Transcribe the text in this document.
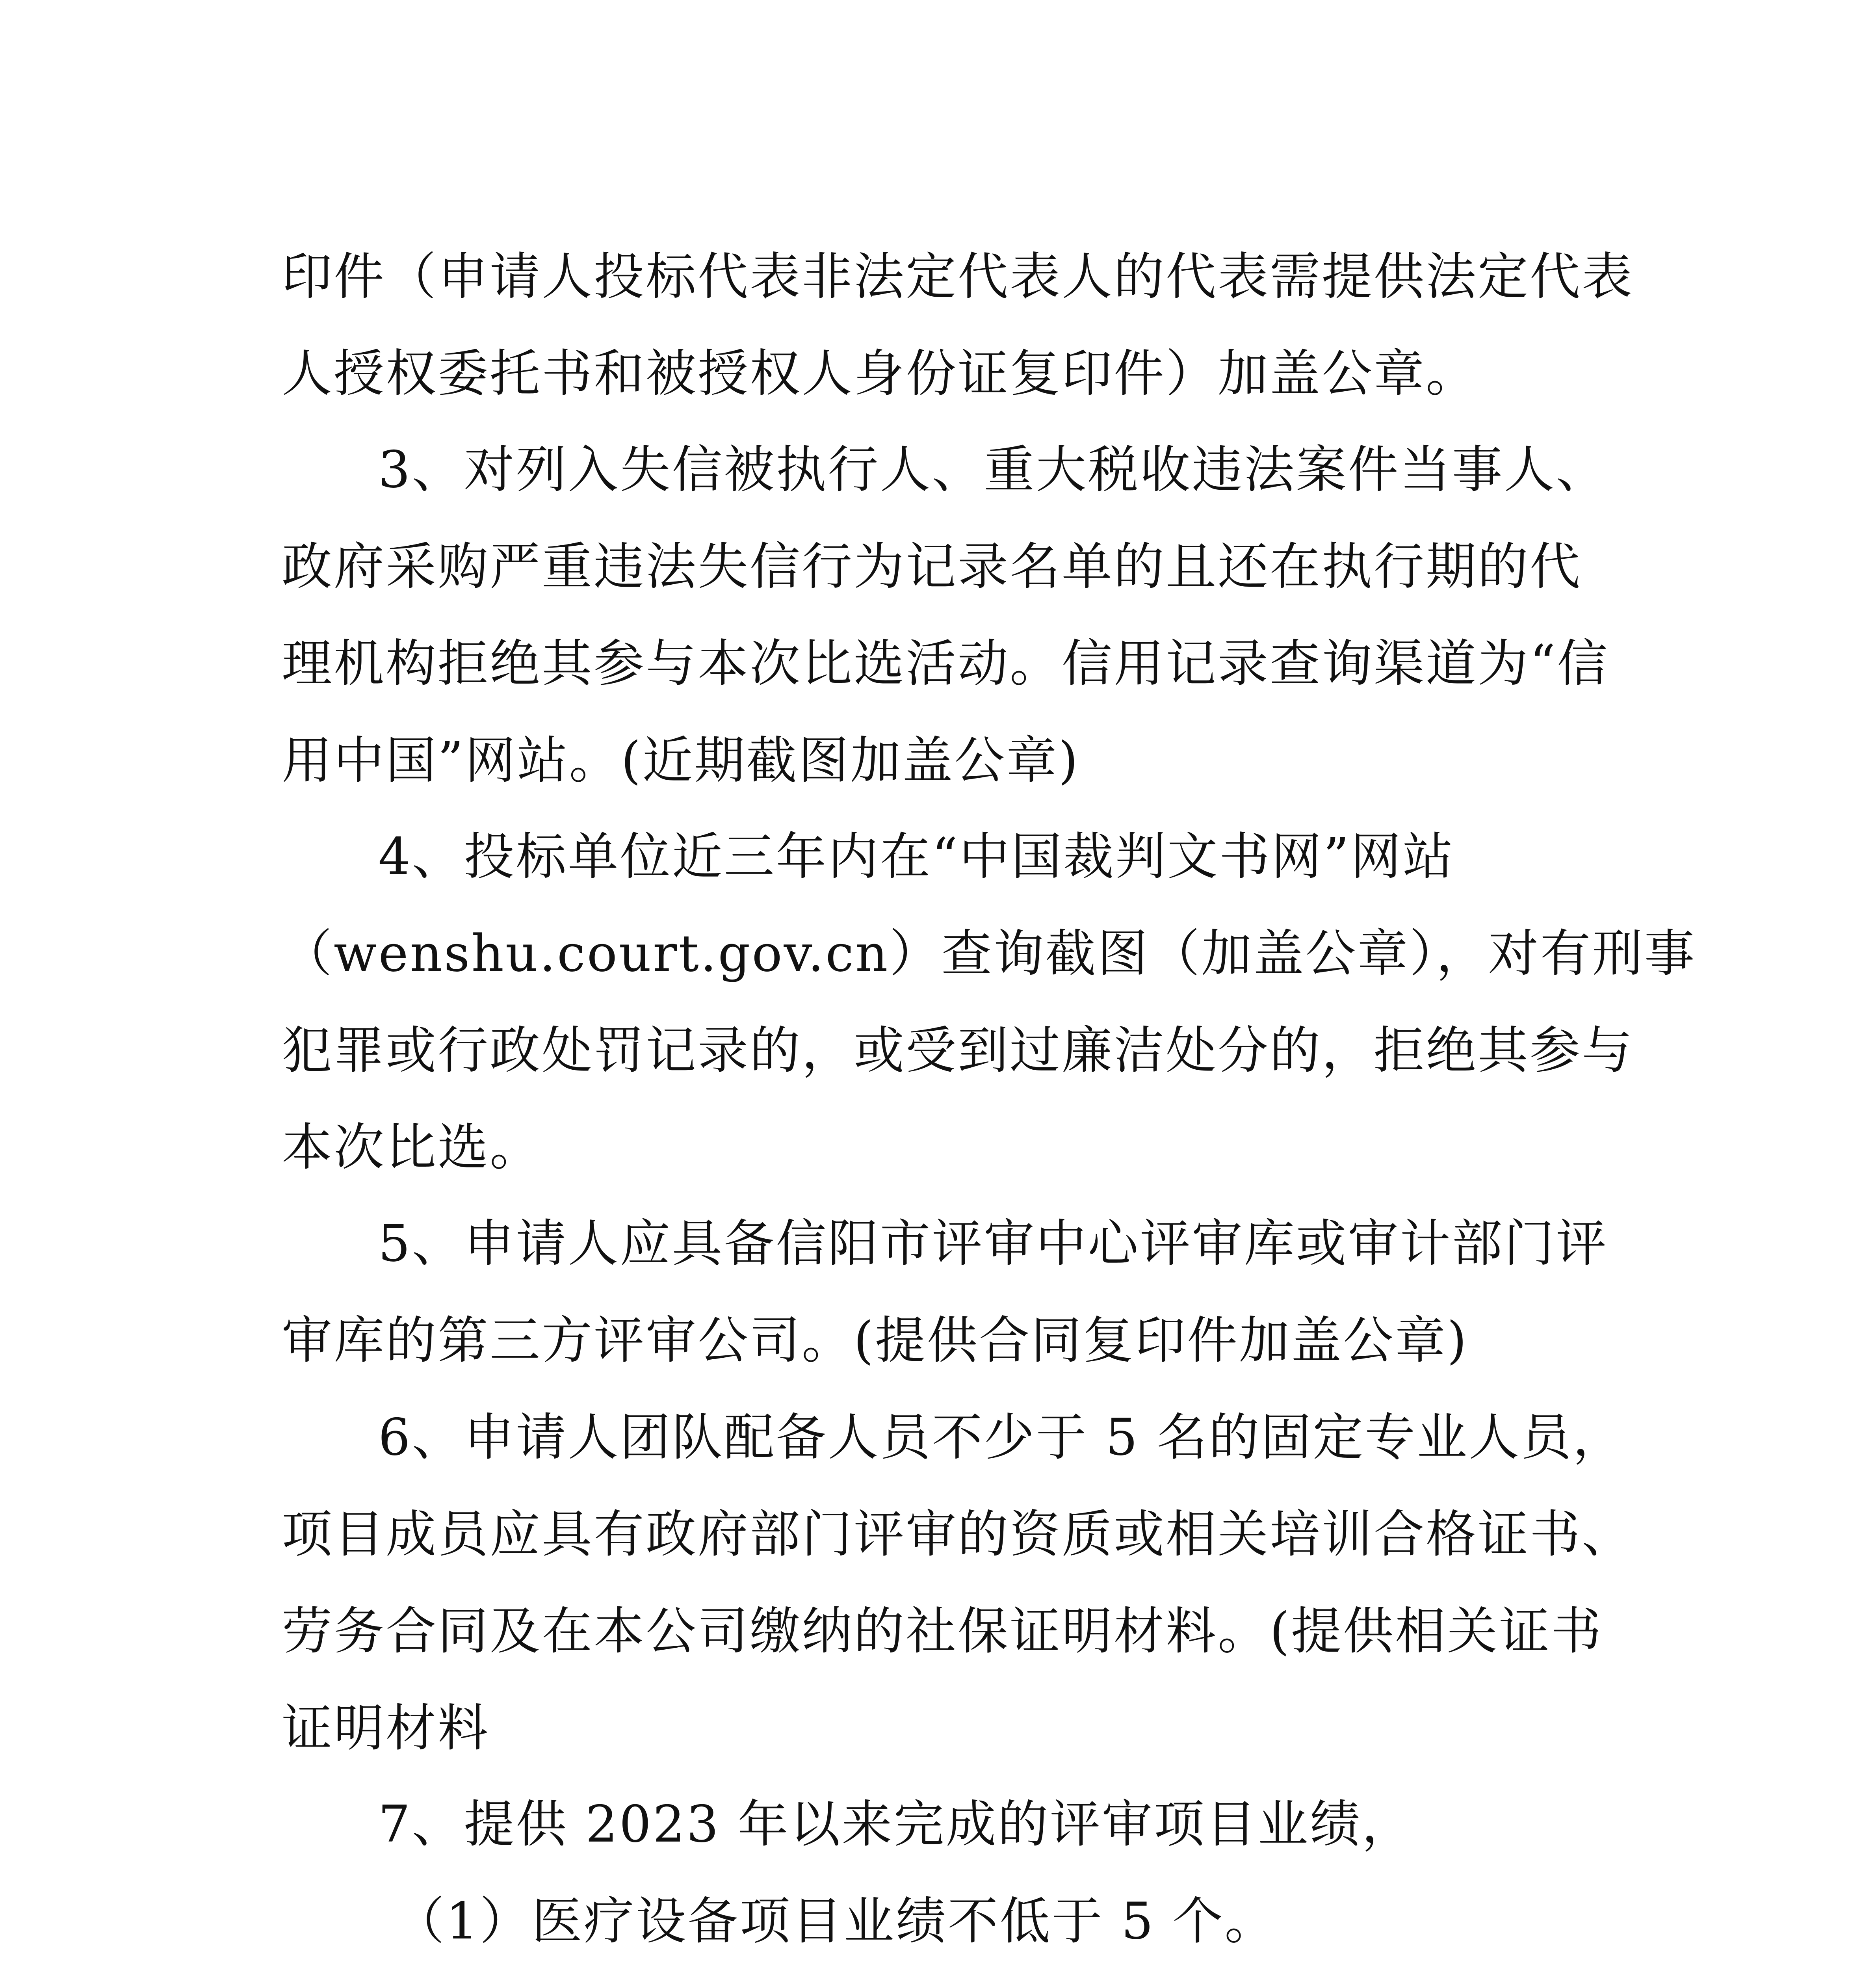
印件（申请人投标代表非法定代表人的代表需提供法定代表
人授权委托书和被授权人身份证复印件）加盖公章。
3、对列入失信被执行人、重大税收违法案件当事人、
政府采购严重违法失信行为记录名单的且还在执行期的代
理机构拒绝其参与本次比选活动。信用记录查询渠道为“信
用中国”网站。(近期截图加盖公章)
4、投标单位近三年内在“中国裁判文书网”网站
（wenshu.court.gov.cn）查询截图（加盖公章），对有刑事
犯罪或行政处罚记录的，或受到过廉洁处分的，拒绝其参与
本次比选。
5、申请人应具备信阳市评审中心评审库或审计部门评
审库的第三方评审公司。(提供合同复印件加盖公章)
6、申请人团队配备人员不少于 5 名的固定专业人员，
项目成员应具有政府部门评审的资质或相关培训合格证书、
劳务合同及在本公司缴纳的社保证明材料。(提供相关证书
证明材料
7、提供 2023 年以来完成的评审项目业绩，
（1）医疗设备项目业绩不低于 5 个。
